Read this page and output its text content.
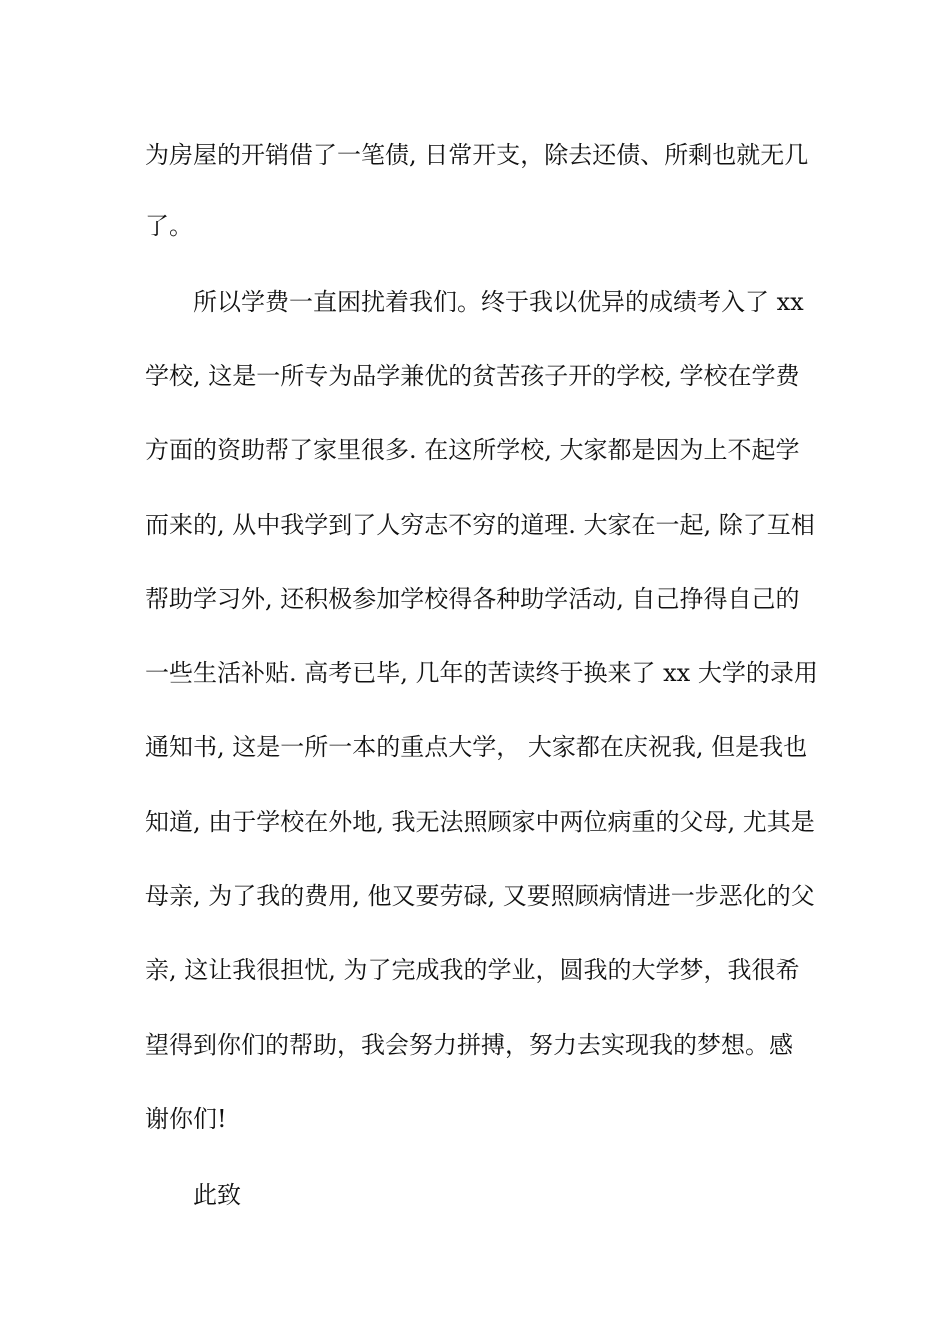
为房屋的开销借了一笔债, 日常开支，除去还债、所剩也就无几
了。
所以学费一直困扰着我们。终于我以优异的成绩考入了 xx
学校, 这是一所专为品学兼优的贫苦孩子开的学校, 学校在学费
方面的资助帮了家里很多. 在这所学校, 大家都是因为上不起学
而来的, 从中我学到了人穷志不穷的道理. 大家在一起, 除了互相
帮助学习外, 还积极参加学校得各种助学活动, 自己挣得自己的
一些生活补贴. 高考已毕, 几年的苦读终于换来了 xx 大学的录用
通知书, 这是一所一本的重点大学， 大家都在庆祝我, 但是我也
知道, 由于学校在外地, 我无法照顾家中两位病重的父母, 尤其是
母亲, 为了我的费用, 他又要劳碌, 又要照顾病情进一步恶化的父
亲, 这让我很担忧, 为了完成我的学业，圆我的大学梦，我很希
望得到你们的帮助，我会努力拼搏，努力去实现我的梦想。感
谢你们!
此致
